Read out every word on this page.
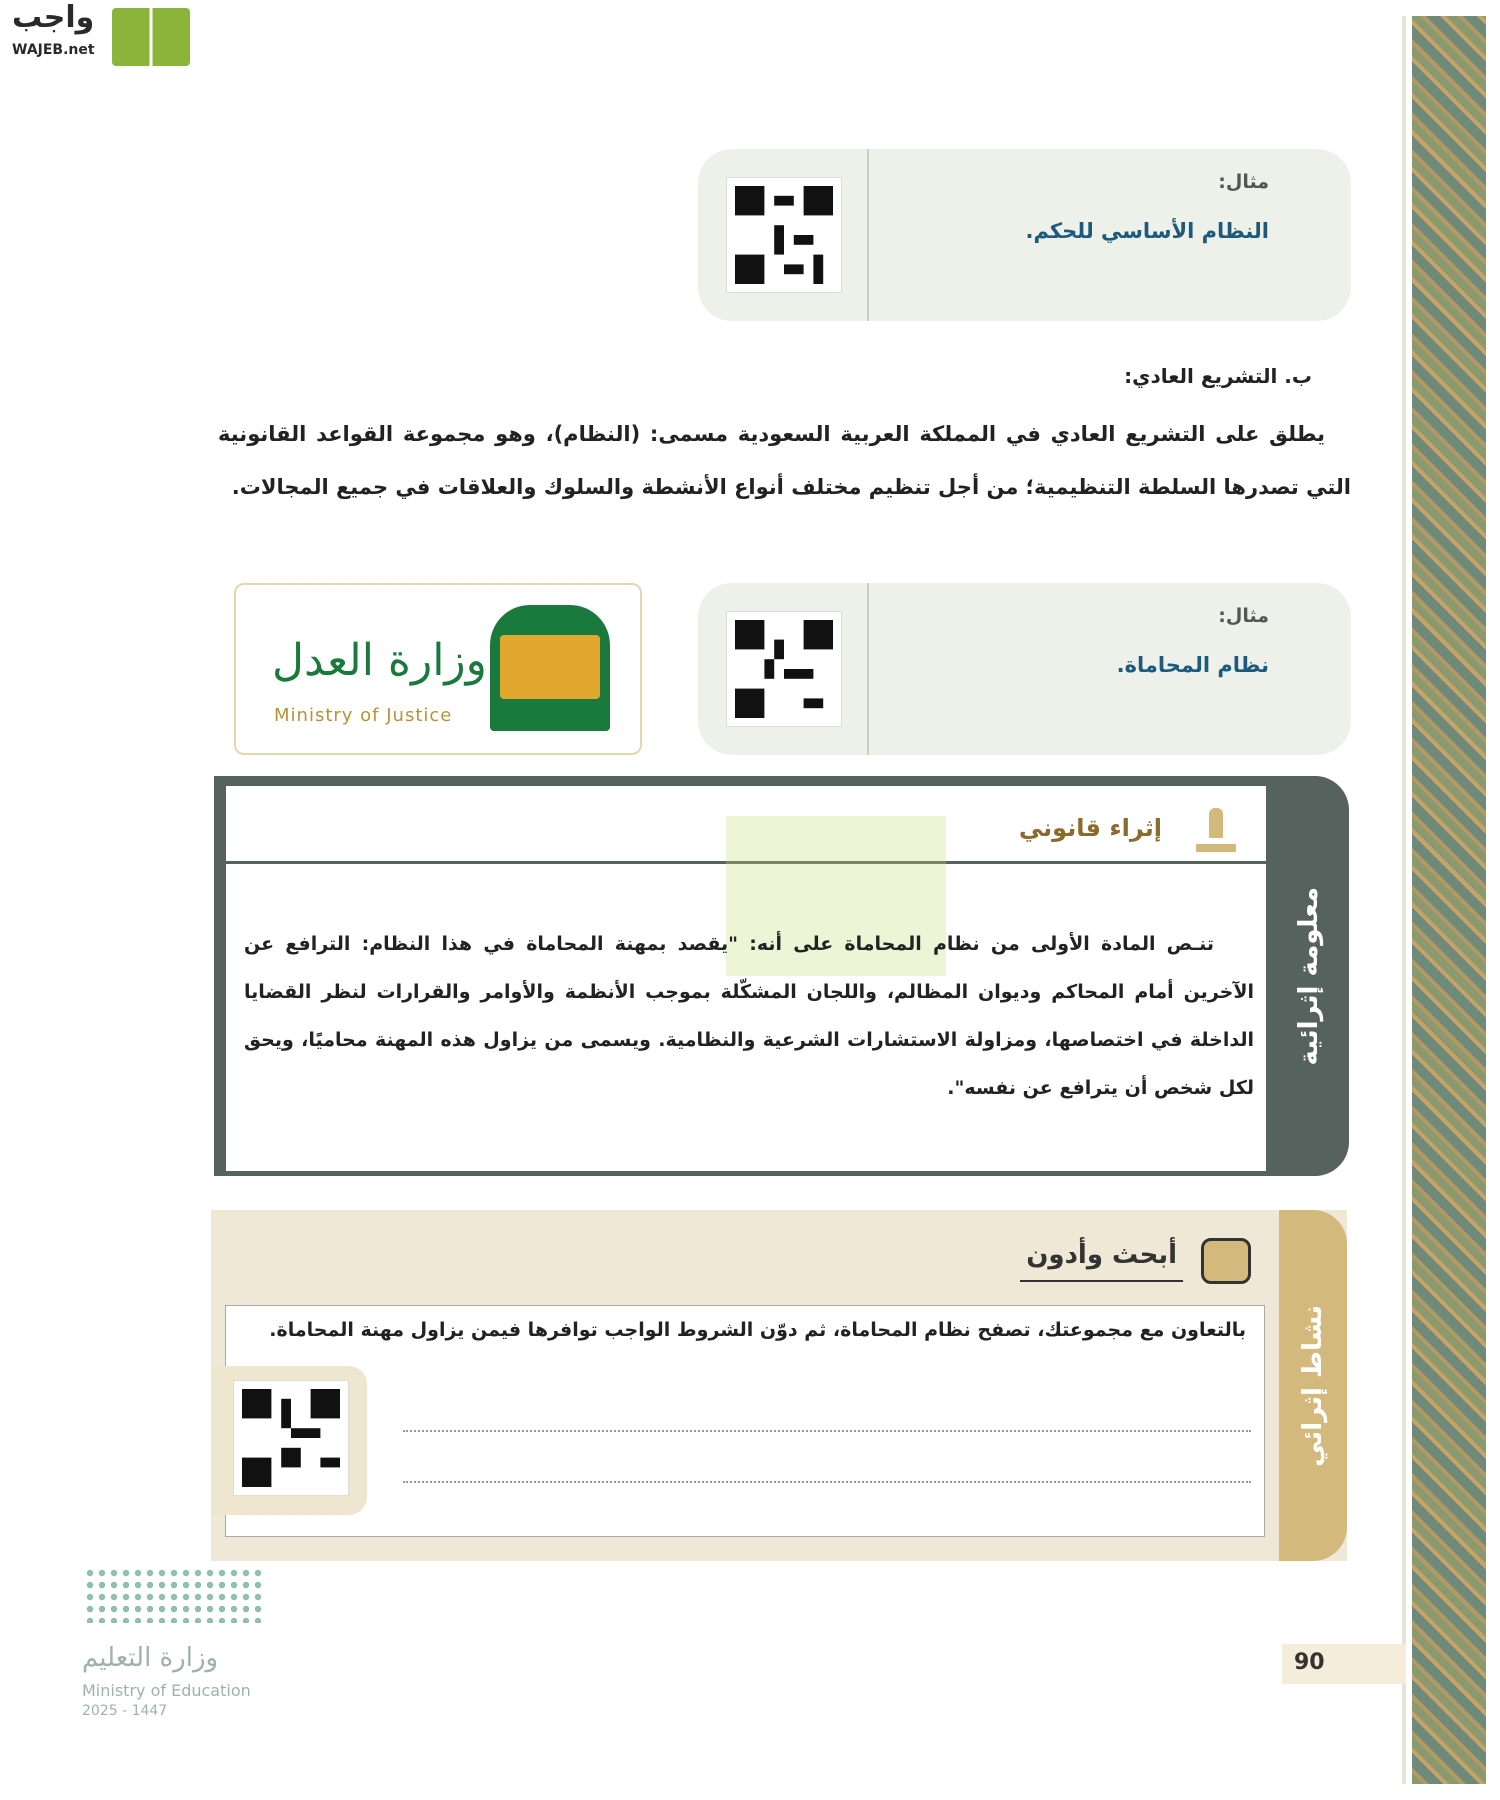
واجب
WAJEB.net
مثال:
النظام الأساسي للحكم.
ب. التشريع العادي:
يطلق على التشريع العادي في المملكة العربية السعودية مسمى: (النظام)، وهو مجموعة القواعد القانونية التي تصدرها السلطة التنظيمية؛ من أجل تنظيم مختلف أنواع الأنشطة والسلوك والعلاقات في جميع المجالات.
مثال:
نظام المحاماة.
وزارة العدل
Ministry of Justice
معلومة إثرائية
إثراء قانوني
تنـص المادة الأولى من نظام المحاماة على أنه: "يقصد بمهنة المحاماة في هذا النظام: الترافع عن الآخرين أمام المحاكم وديوان المظالم، واللجان المشكّلة بموجب الأنظمة والأوامر والقرارات لنظر القضايا الداخلة في اختصاصها، ومزاولة الاستشارات الشرعية والنظامية. ويسمى من يزاول هذه المهنة محاميًا، ويحق لكل شخص أن يترافع عن نفسه".
نشاط إثرائي
أبحث وأدون
بالتعاون مع مجموعتك، تصفح نظام المحاماة، ثم دوّن الشروط الواجب توافرها فيمن يزاول مهنة المحاماة.
وزارة التعليم
Ministry of Education
2025 - 1447
90
